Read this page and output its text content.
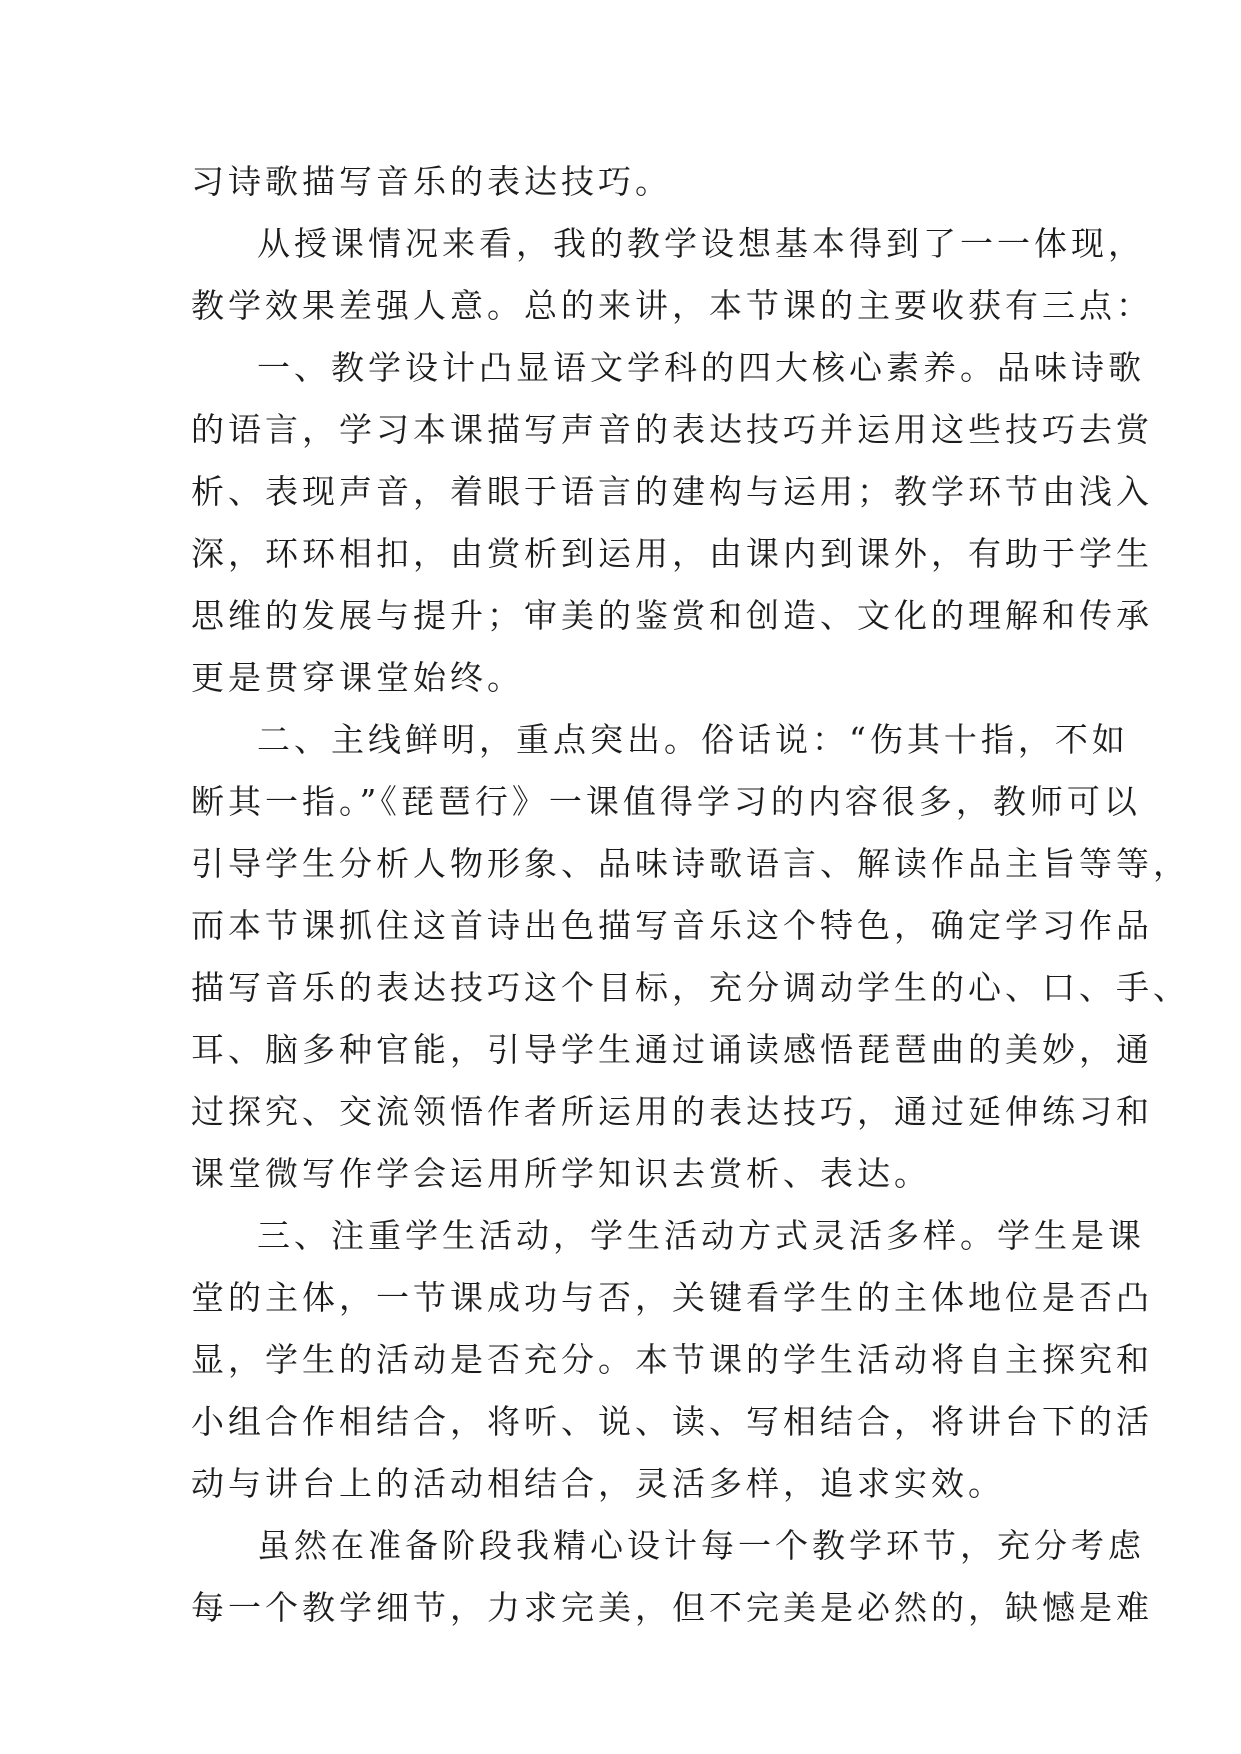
习诗歌描写音乐的表达技巧。

从授课情况来看，我的教学设想基本得到了一一体现，

教学效果差强人意。总的来讲，本节课的主要收获有三点：

一、教学设计凸显语文学科的四大核心素养。品味诗歌

的语言，学习本课描写声音的表达技巧并运用这些技巧去赏

析、表现声音，着眼于语言的建构与运用；教学环节由浅入

深，环环相扣，由赏析到运用，由课内到课外，有助于学生

思维的发展与提升；审美的鉴赏和创造、文化的理解和传承

更是贯穿课堂始终。

二、主线鲜明，重点突出。俗话说：“伤其十指，不如

断其一指。”《琵琶行》一课值得学习的内容很多，教师可以

引导学生分析人物形象、品味诗歌语言、解读作品主旨等等，

而本节课抓住这首诗出色描写音乐这个特色，确定学习作品

描写音乐的表达技巧这个目标，充分调动学生的心、口、手、

耳、脑多种官能，引导学生通过诵读感悟琵琶曲的美妙，通

过探究、交流领悟作者所运用的表达技巧，通过延伸练习和

课堂微写作学会运用所学知识去赏析、表达。

三、注重学生活动，学生活动方式灵活多样。学生是课

堂的主体，一节课成功与否，关键看学生的主体地位是否凸

显，学生的活动是否充分。本节课的学生活动将自主探究和

小组合作相结合，将听、说、读、写相结合，将讲台下的活

动与讲台上的活动相结合，灵活多样，追求实效。

虽然在准备阶段我精心设计每一个教学环节，充分考虑

每一个教学细节，力求完美，但不完美是必然的，缺憾是难
